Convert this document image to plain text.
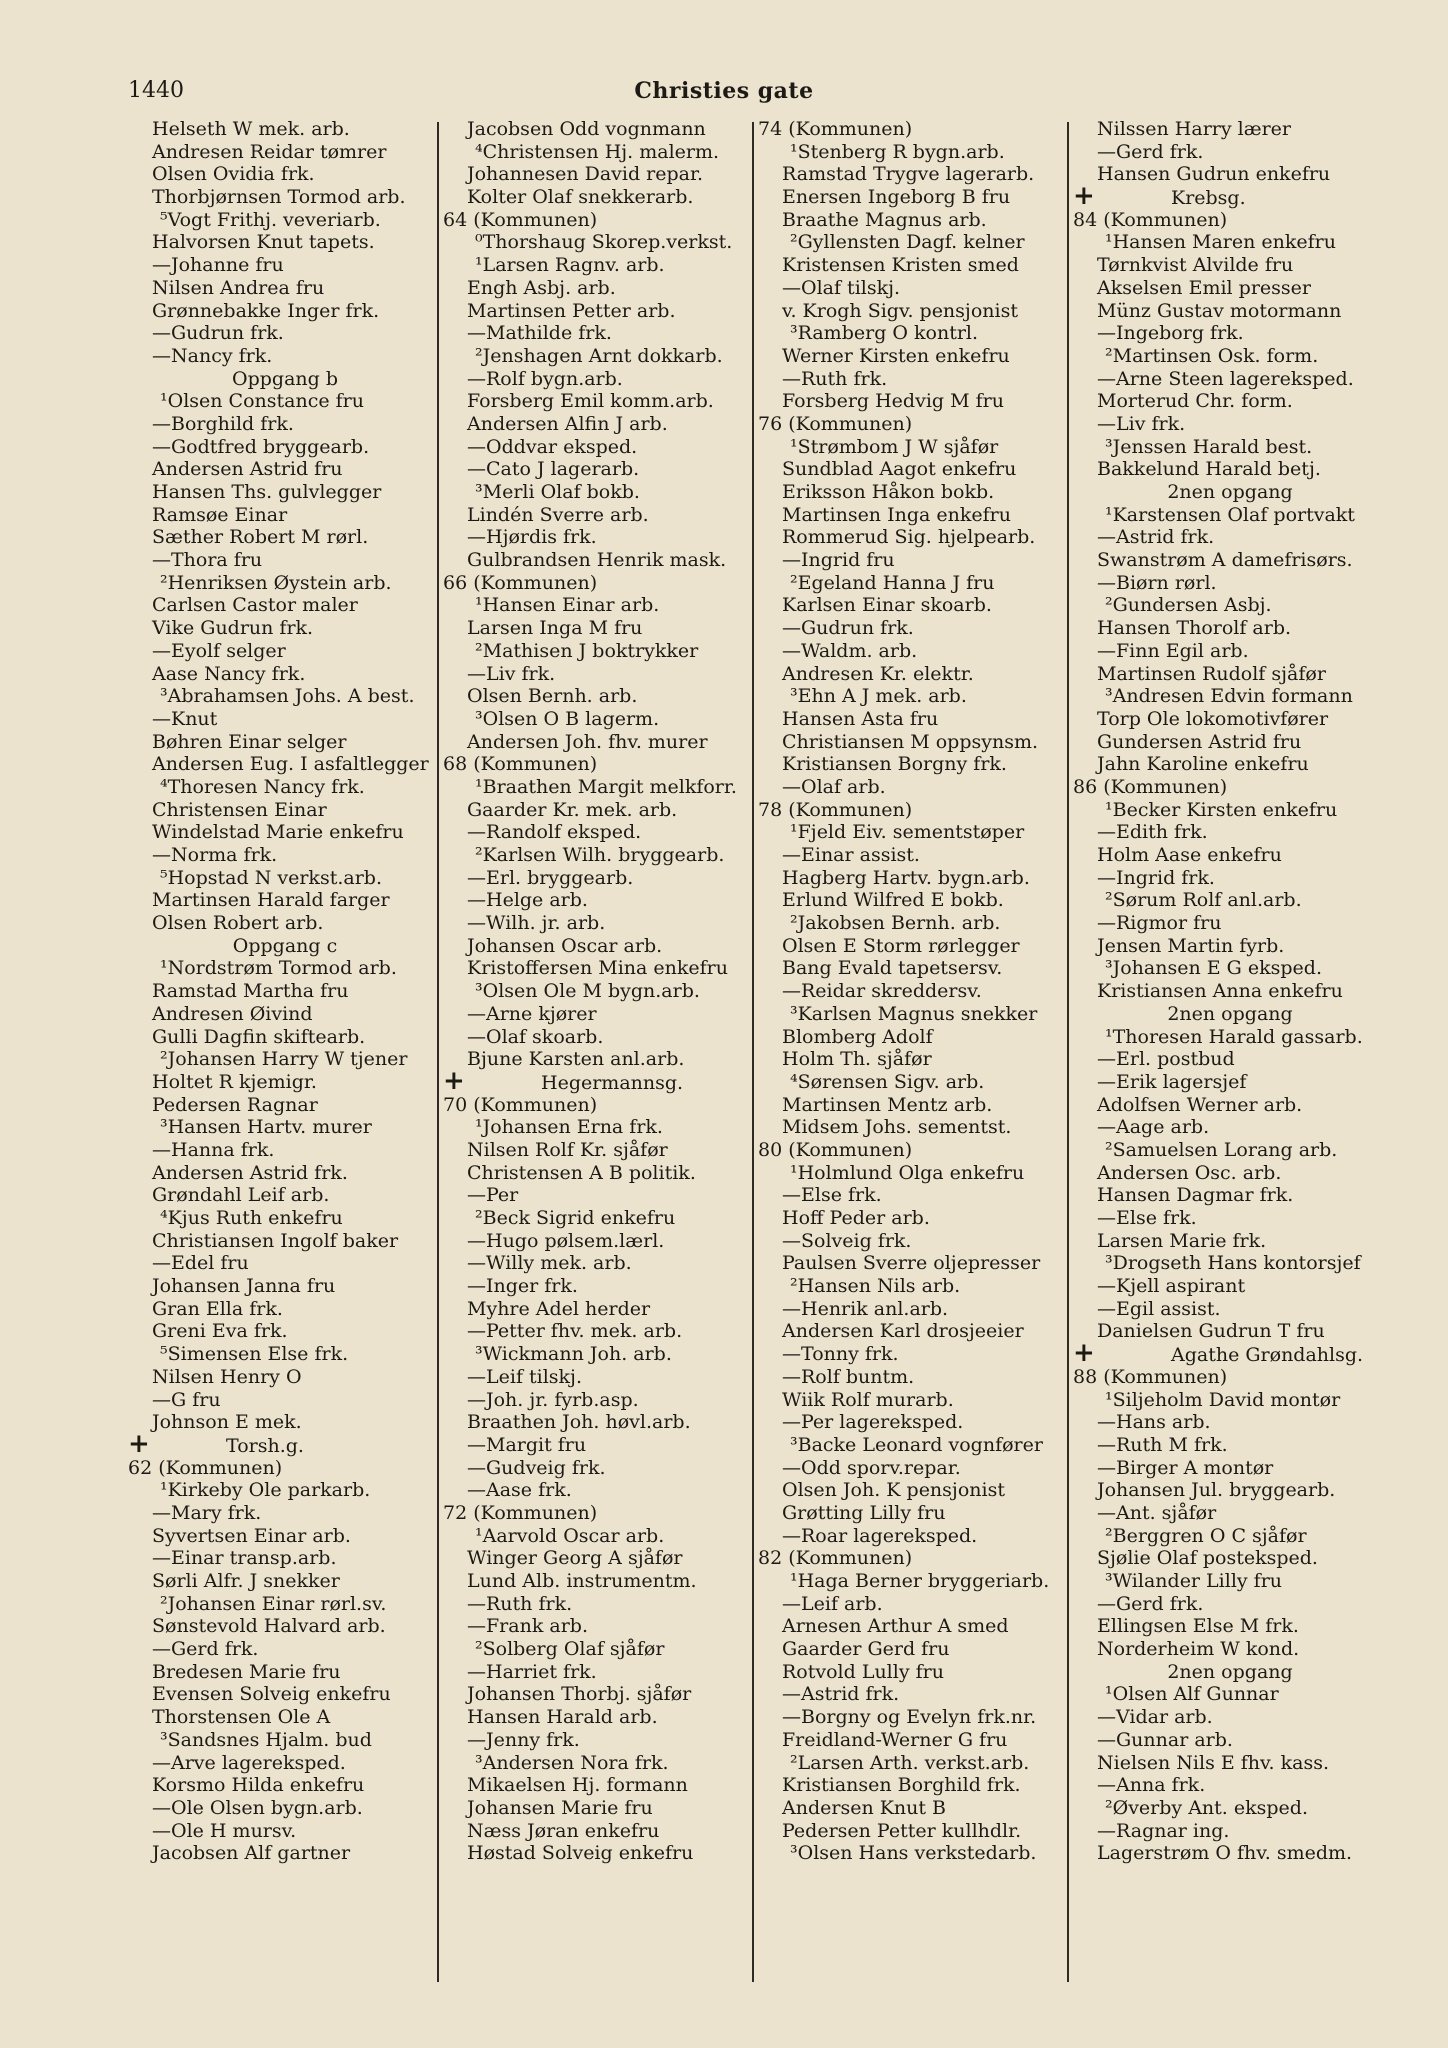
1440	Christies gate
Helseth W mek. arb.
Andresen Reidar tømrer
Olsen Ovidia frk.
Thorbjørnsen Tormod arb.
⁵Vogt Frithj. veveriarb.
Halvorsen Knut tapets.
—Johanne fru
Nilsen Andrea fru
Grønnebakke Inger frk.
—Gudrun frk.
—Nancy frk.
Oppgang b
¹Olsen Constance fru
—Borghild frk.
—Godtfred bryggearb.
Andersen Astrid fru
Hansen Ths. gulvlegger
Ramsøe Einar
Sæther Robert M rørl.
—Thora fru
²Henriksen Øystein arb.
Carlsen Castor maler
Vike Gudrun frk.
—Eyolf selger
Aase Nancy frk.
³Abrahamsen Johs. A best.
—Knut
Bøhren Einar selger
Andersen Eug. I asfaltlegger
⁴Thoresen Nancy frk.
Christensen Einar
Windelstad Marie enkefru
—Norma frk.
⁵Hopstad N verkst.arb.
Martinsen Harald farger
Olsen Robert arb.
Oppgang c
¹Nordstrøm Tormod arb.
Ramstad Martha fru
Andresen Øivind
Gulli Dagfin skiftearb.
²Johansen Harry W tjener
Holtet R kjemigr.
Pedersen Ragnar
³Hansen Hartv. murer
—Hanna frk.
Andersen Astrid frk.
Grøndahl Leif arb.
⁴Kjus Ruth enkefru
Christiansen Ingolf baker
—Edel fru
Johansen Janna fru
Gran Ella frk.
Greni Eva frk.
⁵Simensen Else frk.
Nilsen Henry O
—G fru
Johnson E mek.
+	Torsh.g.
62 (Kommunen)
¹Kirkeby Ole parkarb.
—Mary frk.
Syvertsen Einar arb.
—Einar transp.arb.
Sørli Alfr. J snekker
²Johansen Einar rørl.sv.
Sønstevold Halvard arb.
—Gerd frk.
Bredesen Marie fru
Evensen Solveig enkefru
Thorstensen Ole A
³Sandsnes Hjalm. bud
—Arve lagereksped.
Korsmo Hilda enkefru
—Ole Olsen bygn.arb.
—Ole H mursv.
Jacobsen Alf gartner
Jacobsen Odd vognmann
⁴Christensen Hj. malerm.
Johannesen David repar.
Kolter Olaf snekkerarb.
64 (Kommunen)
⁰Thorshaug Skorep.verkst.
¹Larsen Ragnv. arb.
Engh Asbj. arb.
Martinsen Petter arb.
—Mathilde frk.
²Jenshagen Arnt dokkarb.
—Rolf bygn.arb.
Forsberg Emil komm.arb.
Andersen Alfin J arb.
—Oddvar eksped.
—Cato J lagerarb.
³Merli Olaf bokb.
Lindén Sverre arb.
—Hjørdis frk.
Gulbrandsen Henrik mask.
66 (Kommunen)
¹Hansen Einar arb.
Larsen Inga M fru
²Mathisen J boktrykker
—Liv frk.
Olsen Bernh. arb.
³Olsen O B lagerm.
Andersen Joh. fhv. murer
68 (Kommunen)
¹Braathen Margit melkforr.
Gaarder Kr. mek. arb.
—Randolf eksped.
²Karlsen Wilh. bryggearb.
—Erl. bryggearb.
—Helge arb.
—Wilh. jr. arb.
Johansen Oscar arb.
Kristoffersen Mina enkefru
³Olsen Ole M bygn.arb.
—Arne kjører
—Olaf skoarb.
Bjune Karsten anl.arb.
+	Hegermannsg.
70 (Kommunen)
¹Johansen Erna frk.
Nilsen Rolf Kr. sjåfør
Christensen A B politik.
—Per
²Beck Sigrid enkefru
—Hugo pølsem.lærl.
—Willy mek. arb.
—Inger frk.
Myhre Adel herder
—Petter fhv. mek. arb.
³Wickmann Joh. arb.
—Leif tilskj.
—Joh. jr. fyrb.asp.
Braathen Joh. høvl.arb.
—Margit fru
—Gudveig frk.
—Aase frk.
72 (Kommunen)
¹Aarvold Oscar arb.
Winger Georg A sjåfør
Lund Alb. instrumentm.
—Ruth frk.
—Frank arb.
²Solberg Olaf sjåfør
—Harriet frk.
Johansen Thorbj. sjåfør
Hansen Harald arb.
—Jenny frk.
³Andersen Nora frk.
Mikaelsen Hj. formann
Johansen Marie fru
Næss Jøran enkefru
Høstad Solveig enkefru
74 (Kommunen)
¹Stenberg R bygn.arb.
Ramstad Trygve lagerarb.
Enersen Ingeborg B fru
Braathe Magnus arb.
²Gyllensten Dagf. kelner
Kristensen Kristen smed
—Olaf tilskj.
v. Krogh Sigv. pensjonist
³Ramberg O kontrl.
Werner Kirsten enkefru
—Ruth frk.
Forsberg Hedvig M fru
76 (Kommunen)
¹Strømbom J W sjåfør
Sundblad Aagot enkefru
Eriksson Håkon bokb.
Martinsen Inga enkefru
Rommerud Sig. hjelpearb.
—Ingrid fru
²Egeland Hanna J fru
Karlsen Einar skoarb.
—Gudrun frk.
—Waldm. arb.
Andresen Kr. elektr.
³Ehn A J mek. arb.
Hansen Asta fru
Christiansen M oppsynsm.
Kristiansen Borgny frk.
—Olaf arb.
78 (Kommunen)
¹Fjeld Eiv. sementstøper
—Einar assist.
Hagberg Hartv. bygn.arb.
Erlund Wilfred E bokb.
²Jakobsen Bernh. arb.
Olsen E Storm rørlegger
Bang Evald tapetsersv.
—Reidar skreddersv.
³Karlsen Magnus snekker
Blomberg Adolf
Holm Th. sjåfør
⁴Sørensen Sigv. arb.
Martinsen Mentz arb.
Midsem Johs. sementst.
80 (Kommunen)
¹Holmlund Olga enkefru
—Else frk.
Hoff Peder arb.
—Solveig frk.
Paulsen Sverre oljepresser
²Hansen Nils arb.
—Henrik anl.arb.
Andersen Karl drosjeeier
—Tonny frk.
—Rolf buntm.
Wiik Rolf murarb.
—Per lagereksped.
³Backe Leonard vognfører
—Odd sporv.repar.
Olsen Joh. K pensjonist
Grøtting Lilly fru
—Roar lagereksped.
82 (Kommunen)
¹Haga Berner bryggeriarb.
—Leif arb.
Arnesen Arthur A smed
Gaarder Gerd fru
Rotvold Lully fru
—Astrid frk.
—Borgny og Evelyn frk.nr.
Freidland-Werner G fru
²Larsen Arth. verkst.arb.
Kristiansen Borghild frk.
Andersen Knut B
Pedersen Petter kullhdlr.
³Olsen Hans verkstedarb.
Nilssen Harry lærer
—Gerd frk.
Hansen Gudrun enkefru
+	Krebsg.
84 (Kommunen)
¹Hansen Maren enkefru
Tørnkvist Alvilde fru
Akselsen Emil presser
Münz Gustav motormann
—Ingeborg frk.
²Martinsen Osk. form.
—Arne Steen lagereksped.
Morterud Chr. form.
—Liv frk.
³Jenssen Harald best.
Bakkelund Harald betj.
2nen opgang
¹Karstensen Olaf portvakt
—Astrid frk.
Swanstrøm A damefrisørs.
—Biørn rørl.
²Gundersen Asbj.
Hansen Thorolf arb.
—Finn Egil arb.
Martinsen Rudolf sjåfør
³Andresen Edvin formann
Torp Ole lokomotivfører
Gundersen Astrid fru
Jahn Karoline enkefru
86 (Kommunen)
¹Becker Kirsten enkefru
—Edith frk.
Holm Aase enkefru
—Ingrid frk.
²Sørum Rolf anl.arb.
—Rigmor fru
Jensen Martin fyrb.
³Johansen E G eksped.
Kristiansen Anna enkefru
2nen opgang
¹Thoresen Harald gassarb.
—Erl. postbud
—Erik lagersjef
Adolfsen Werner arb.
—Aage arb.
²Samuelsen Lorang arb.
Andersen Osc. arb.
Hansen Dagmar frk.
—Else frk.
Larsen Marie frk.
³Drogseth Hans kontorsjef
—Kjell aspirant
—Egil assist.
Danielsen Gudrun T fru
+	Agathe Grøndahlsg.
88 (Kommunen)
¹Siljeholm David montør
—Hans arb.
—Ruth M frk.
—Birger A montør
Johansen Jul. bryggearb.
—Ant. sjåfør
²Berggren O C sjåfør
Sjølie Olaf posteksped.
³Wilander Lilly fru
—Gerd frk.
Ellingsen Else M frk.
Norderheim W kond.
2nen opgang
¹Olsen Alf Gunnar
—Vidar arb.
—Gunnar arb.
Nielsen Nils E fhv. kass.
—Anna frk.
²Øverby Ant. eksped.
—Ragnar ing.
Lagerstrøm O fhv. smedm.
